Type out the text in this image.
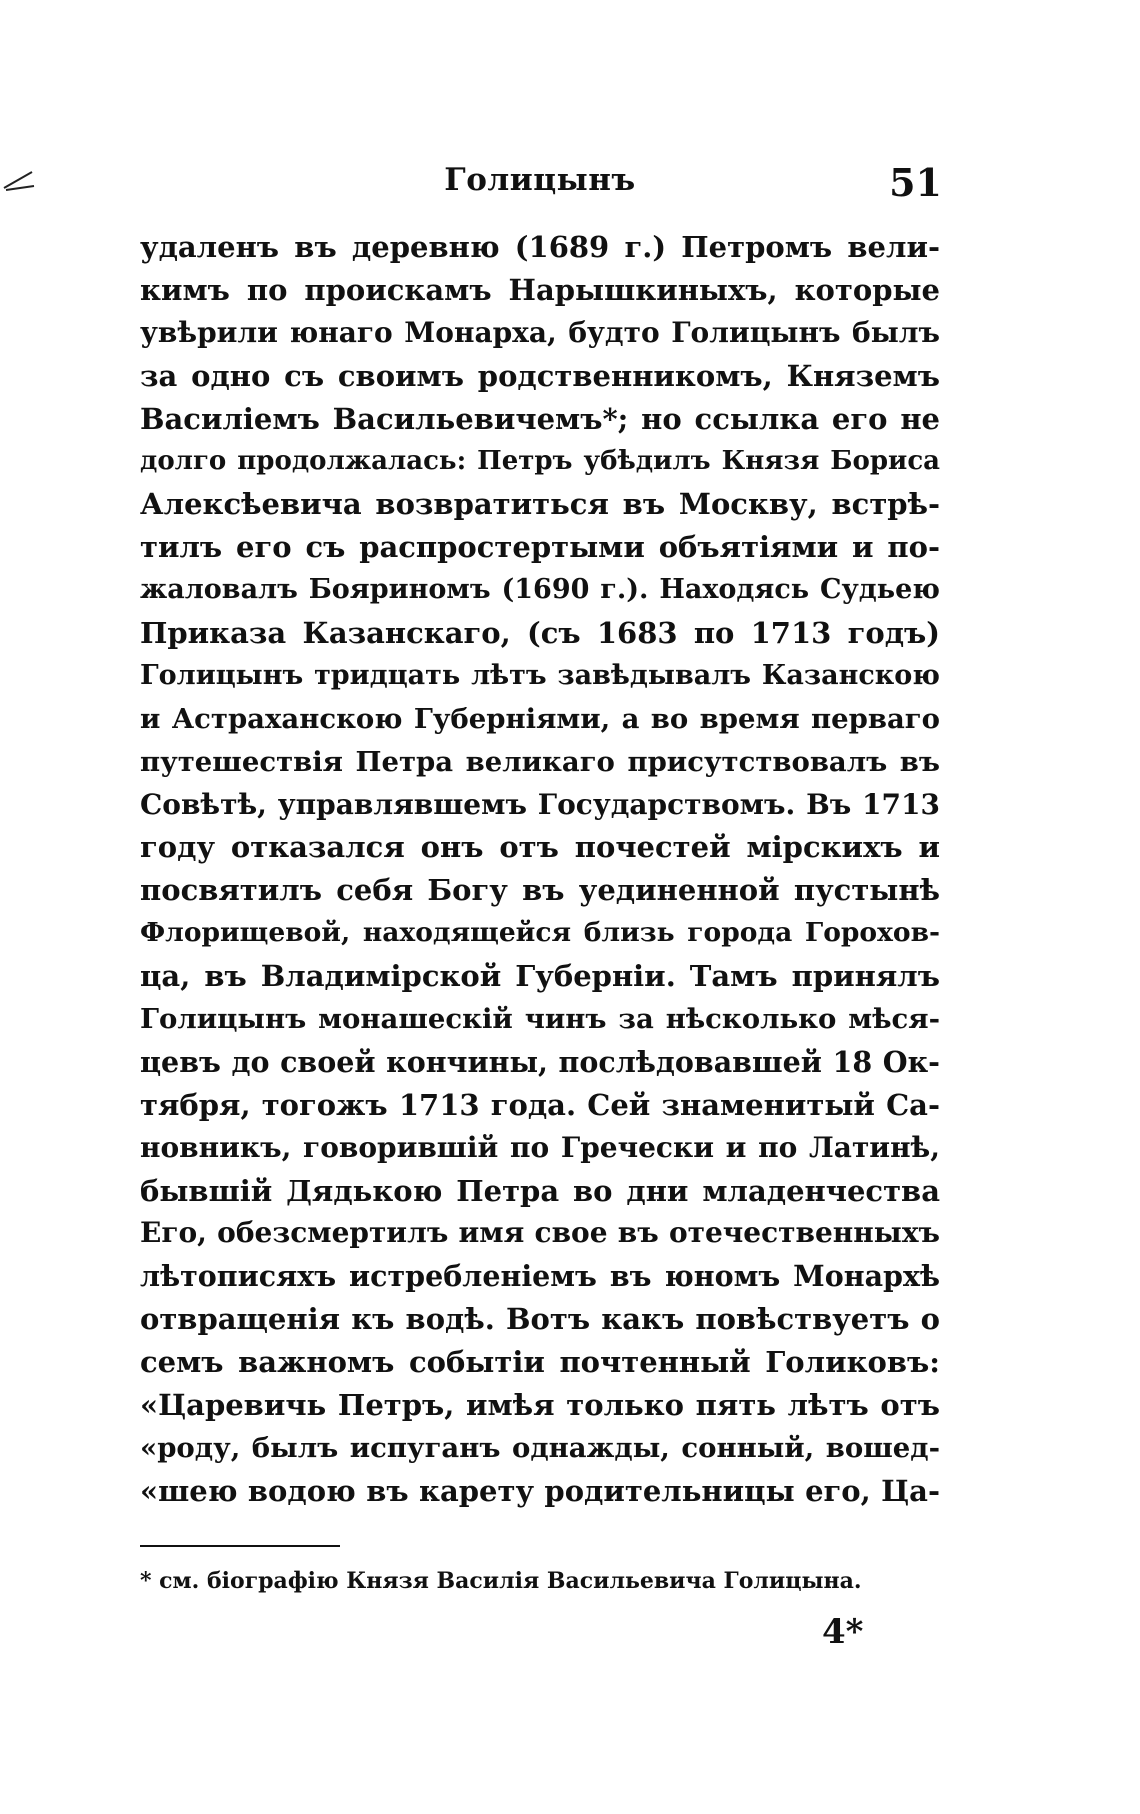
Голицынъ	51
удаленъ въ деревню (1689 г.) Петромъ вели-
кимъ по проискамъ Нарышкиныхъ, которые
увѣрили юнаго Монарха, будто Голицынъ былъ
за одно съ своимъ родственникомъ, Княземъ
Василіемъ Васильевичемъ*; но ссылка его не
долго продолжалась: Петръ убѣдилъ Князя Бориса
Алексѣевича возвратиться въ Москву, встрѣ-
тилъ его съ распростертыми объятіями и по-
жаловалъ Бояриномъ (1690 г.). Находясь Судьею
Приказа Казанскаго, (съ 1683 по 1713 годъ)
Голицынъ тридцать лѣтъ завѣдывалъ Казанскою
и Астраханскою Губерніями, а во время перваго
путешествія Петра великаго присутствовалъ въ
Совѣтѣ, управлявшемъ Государствомъ. Въ 1713
году отказался онъ отъ почестей мірскихъ и
посвятилъ себя Богу въ уединенной пустынѣ
Флорищевой, находящейся близь города Горохов-
ца, въ Владимірской Губерніи. Тамъ принялъ
Голицынъ монашескій чинъ за нѣсколько мѣся-
цевъ до своей кончины, послѣдовавшей 18 Ок-
тября, тогожъ 1713 года. Сей знаменитый Са-
новникъ, говорившій по Гречески и по Латинѣ,
бывшій Дядькою Петра во дни младенчества
Его, обезсмертилъ имя свое въ отечественныхъ
лѣтописяхъ истребленіемъ въ юномъ Монархѣ
отвращенія къ водѣ. Вотъ какъ повѣствуетъ о
семъ важномъ событіи почтенный Голиковъ:
«Царевичь Петръ, имѣя только пять лѣтъ отъ
«роду, былъ испуганъ однажды, сонный, вошед-
«шею водою въ карету родительницы его, Ца-
* см. біографію Князя Василія Васильевича Голицына.
4*
